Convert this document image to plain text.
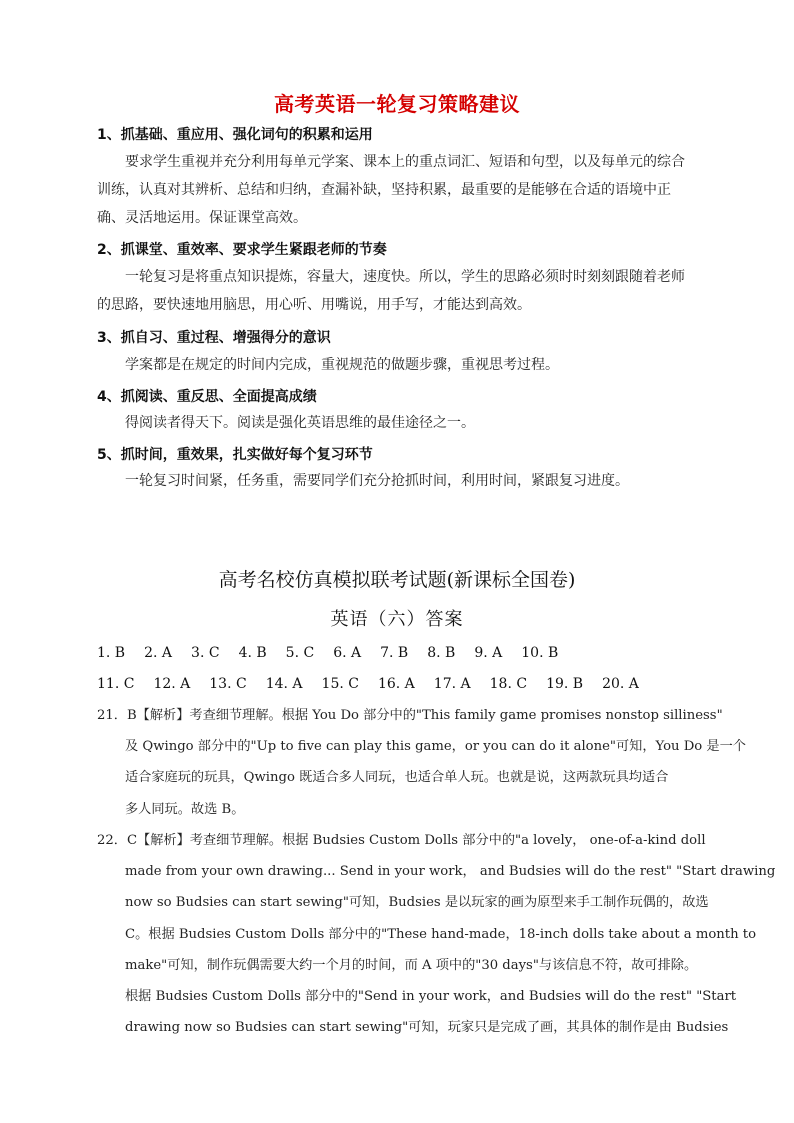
高考英语一轮复习策略建议
1、抓基础、重应用、强化词句的积累和运用
要求学生重视并充分利用每单元学案、课本上的重点词汇、短语和句型，以及每单元的综合训练，认真对其辨析、总结和归纳，查漏补缺，坚持积累，最重要的是能够在合适的语境中正确、灵活地运用。保证课堂高效。
2、抓课堂、重效率、要求学生紧跟老师的节奏
一轮复习是将重点知识提炼，容量大，速度快。所以，学生的思路必须时时刻刻跟随着老师的思路，要快速地用脑思，用心听、用嘴说，用手写，才能达到高效。
3、抓自习、重过程、增强得分的意识
学案都是在规定的时间内完成，重视规范的做题步骤，重视思考过程。
4、抓阅读、重反思、全面提高成绩
得阅读者得天下。阅读是强化英语思维的最佳途径之一。
5、抓时间，重效果，扎实做好每个复习环节
一轮复习时间紧，任务重，需要同学们充分抢抓时间，利用时间，紧跟复习进度。
高考名校仿真模拟联考试题(新课标全国卷)
英语（六）答案
1. B 2. A 3. C 4. B 5. C 6. A 7. B 8. B 9. A 10. B
11. C 12. A 13. C 14. A 15. C 16. A 17. A 18. C 19. B 20. A
21．B【解析】考查细节理解。根据 You Do 部分中的"This family game promises nonstop silliness"
及 Qwingo 部分中的"Up to five can play this game，or you can do it alone"可知，You Do 是一个
适合家庭玩的玩具，Qwingo 既适合多人同玩，也适合单人玩。也就是说，这两款玩具均适合
多人同玩。故选 B。
22．C【解析】考查细节理解。根据 Budsies Custom Dolls 部分中的"a lovely， one-of-a-kind doll
made from your own drawing... Send in your work， and Budsies will do the rest" "Start drawing
now so Budsies can start sewing"可知，Budsies 是以玩家的画为原型来手工制作玩偶的，故选
C。根据 Budsies Custom Dolls 部分中的"These hand-made，18-inch dolls take about a month to
make"可知，制作玩偶需要大约一个月的时间，而 A 项中的"30 days"与该信息不符，故可排除。
根据 Budsies Custom Dolls 部分中的"Send in your work，and Budsies will do the rest" "Start
drawing now so Budsies can start sewing"可知，玩家只是完成了画，其具体的制作是由 Budsies
